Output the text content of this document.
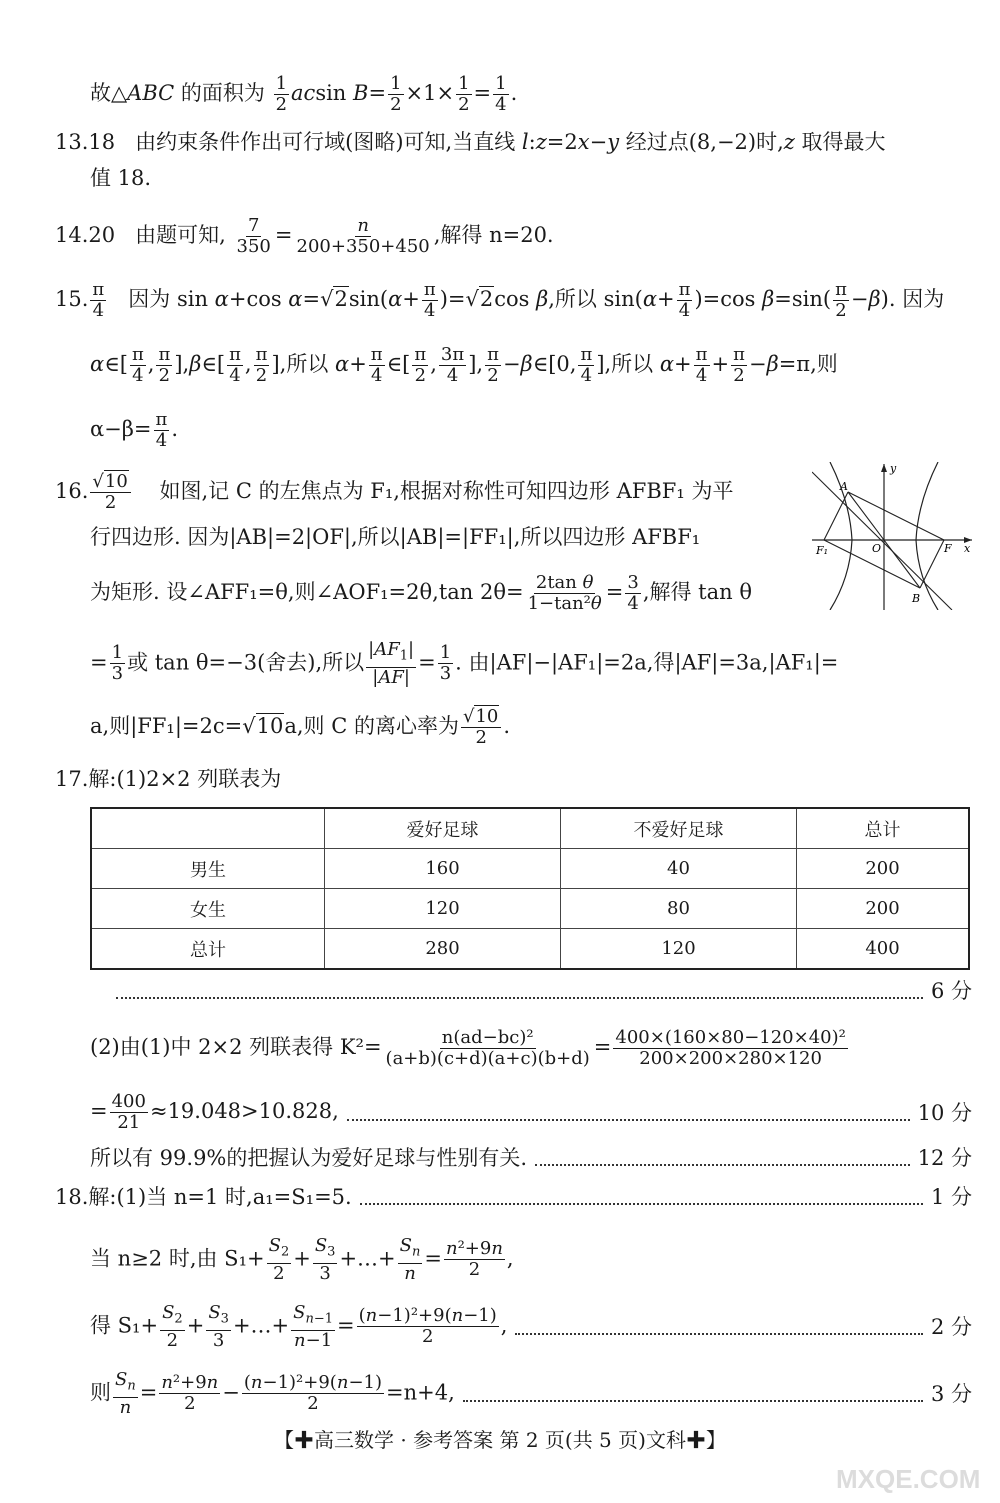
故△ABC 的面积为 $\frac{1}{2}$ acsin $B= \frac{1}{2} \times 1\times \frac{1}{2} = \frac{1}{4}$ .
13.18   由约束条件作出可行域(图略)可知,当直线 l:z=2x−y 经过点(8,−2)时,z 取得最大
值 18.
14.20 由题可知, $\frac{7}{350} = \frac{n}{200+350+450}$ ,解得 n=20.
15. $\frac{\pi}{4}$ 因为 sin α+cos $\alpha=√2\sin(\alpha+ \frac{\pi}{4} )=√2\cos$ β,所以 $\sin(\alpha+ \frac{\pi}{4} )=\cos$ $\beta=\sin( \frac{\pi}{2} -\beta)$. 因为
α∈[ $\frac{\pi}{4}$ , $\frac{\pi}{2}$ ],β∈[ $\frac{\pi}{4}$ , $\frac{\pi}{2}$ ],所以 $\alpha+ \frac{\pi}{4}$ ∈[ $\frac{\pi}{2}$ , $\frac{3\pi}{4}$ ], $\frac{\pi}{2}$ −β∈[0, $\frac{\pi}{4}$ ],所以 $\alpha+ \frac{\pi}{4} + \frac{\pi}{2} -\beta=\pi$,则
$\alpha-\beta= \frac{\pi}{4}$ .
16. $\frac{√10}{2}$ 如图,记 C 的左焦点为 F₁,根据对称性可知四边形 AFBF₁ 为平
行四边形. 因为|AB|=2|OF|,所以|AB|=|FF₁|,所以四边形 AFBF₁
为矩形. 设∠AFF₁=θ,则∠AOF₁=2θ,tan $2\theta= \frac{\text{2tan θ}}{\text{1−tan²θ}} = \frac{3}{4}$ ,解得 tan θ
= $\frac{1}{3}$ 或 tan θ=−3(舍去),所以 $\frac{|AF_1|}{|AF|} = \frac{1}{3}$ . 由|AF|−|AF₁|=2a,得|AF|=3a,|AF₁|=
a,则|FF₁|=2c=√10a,则 C 的离心率为 $\frac{√10}{2}$ .
y
A
F₁	O	F x
B
17.解:(1)2×2 列联表为
	爱好足球	不爱好足球	总计
男生	160	40	200
女生	120	80	200
总计	280	120	400
6 分
(2)由(1)中 2×2 列联表得 $K^2= \frac{\text{n(ad−bc)²}}{(a+b)(c+d)(a+c)(b+d)} = \frac{\text{400×(160×80−120×40)²}}{200\times 200\times 280\times 120}$
= $\frac{400}{21} \approx 19.048>10.828$,	10 分
所以有 99.9%的把握认为爱好足球与性别有关.	12 分
18.解:(1)当 n=1 时,a₁=S₁=5.	1 分
当 n≥2 时,由 $S_1+ \frac{S_2}{2} + \frac{S_3}{3}$ +…+ $\frac{S_n}{n} = \frac{\text{n²+9n}}{2}$ ,
得 $S_1+ \frac{S_2}{2} + \frac{S_3}{3}$ +…+ $\frac{S_{n-1}}{n-1} = \frac{\text{(n−1)²+9(n−1)}}{2}$ ,	2 分
则 $\frac{S_n}{n} = \frac{\text{n²+9n}}{2} - \frac{\text{(n−1)²+9(n−1)}}{2} =n+4$,	3 分
【✚高三数学 · 参考答案 第 2 页(共 5 页)文科✚】
MXQE.COM
